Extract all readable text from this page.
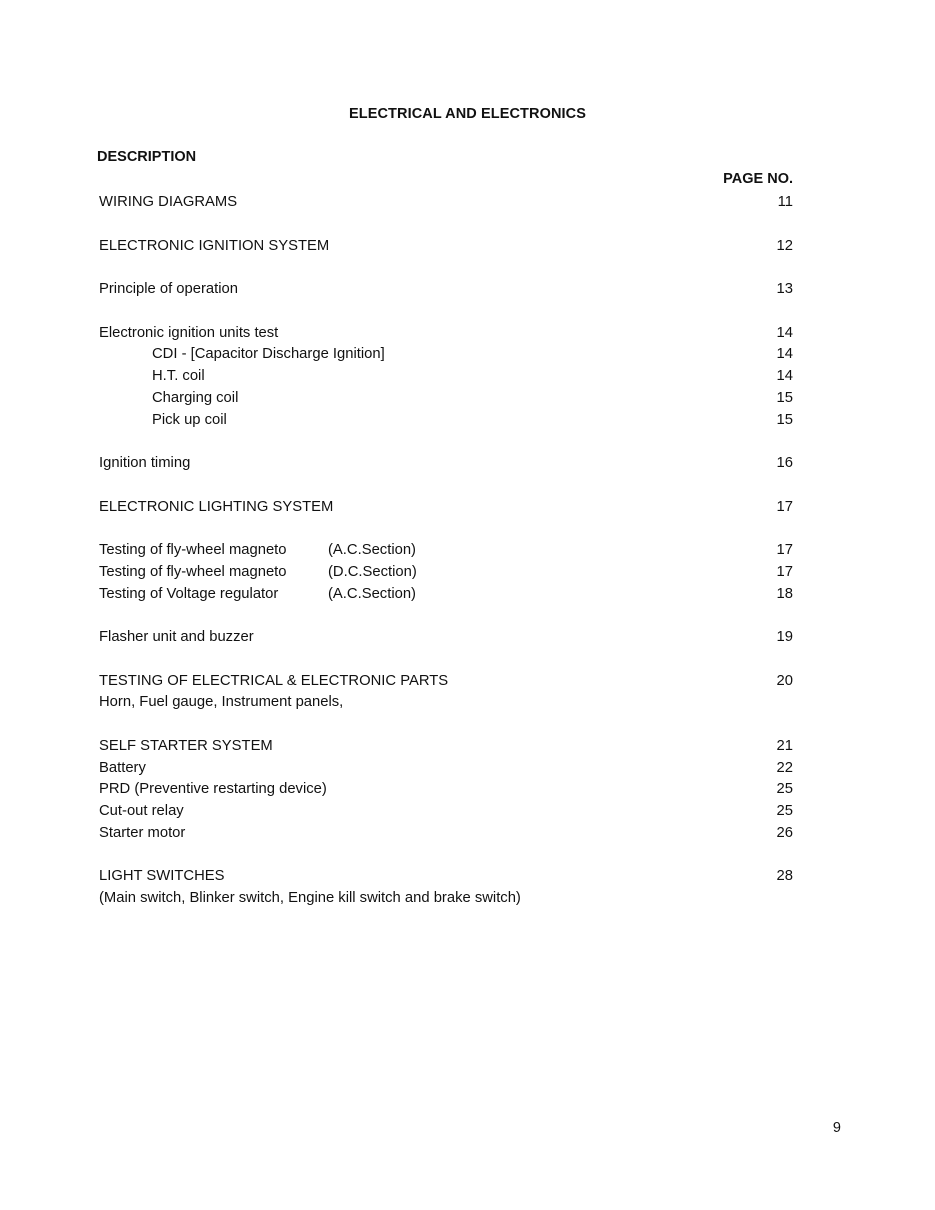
ELECTRICAL AND ELECTRONICS
DESCRIPTION
PAGE NO.
WIRING DIAGRAMS	11
ELECTRONIC IGNITION SYSTEM	12
Principle of operation	13
Electronic ignition units test	14
CDI - [Capacitor Discharge Ignition]	14
H.T. coil	14
Charging coil	15
Pick up coil	15
Ignition timing	16
ELECTRONIC LIGHTING SYSTEM	17
Testing of fly-wheel magneto	(A.C.Section)	17
Testing of fly-wheel magneto	(D.C.Section)	17
Testing of Voltage regulator	(A.C.Section)	18
Flasher unit and buzzer	19
TESTING OF ELECTRICAL & ELECTRONIC PARTS	20
Horn, Fuel gauge, Instrument panels,
SELF STARTER SYSTEM	21
Battery	22
PRD (Preventive restarting device)	25
Cut-out relay	25
Starter motor	26
LIGHT SWITCHES	28
(Main switch, Blinker switch, Engine kill switch and brake switch)
9
